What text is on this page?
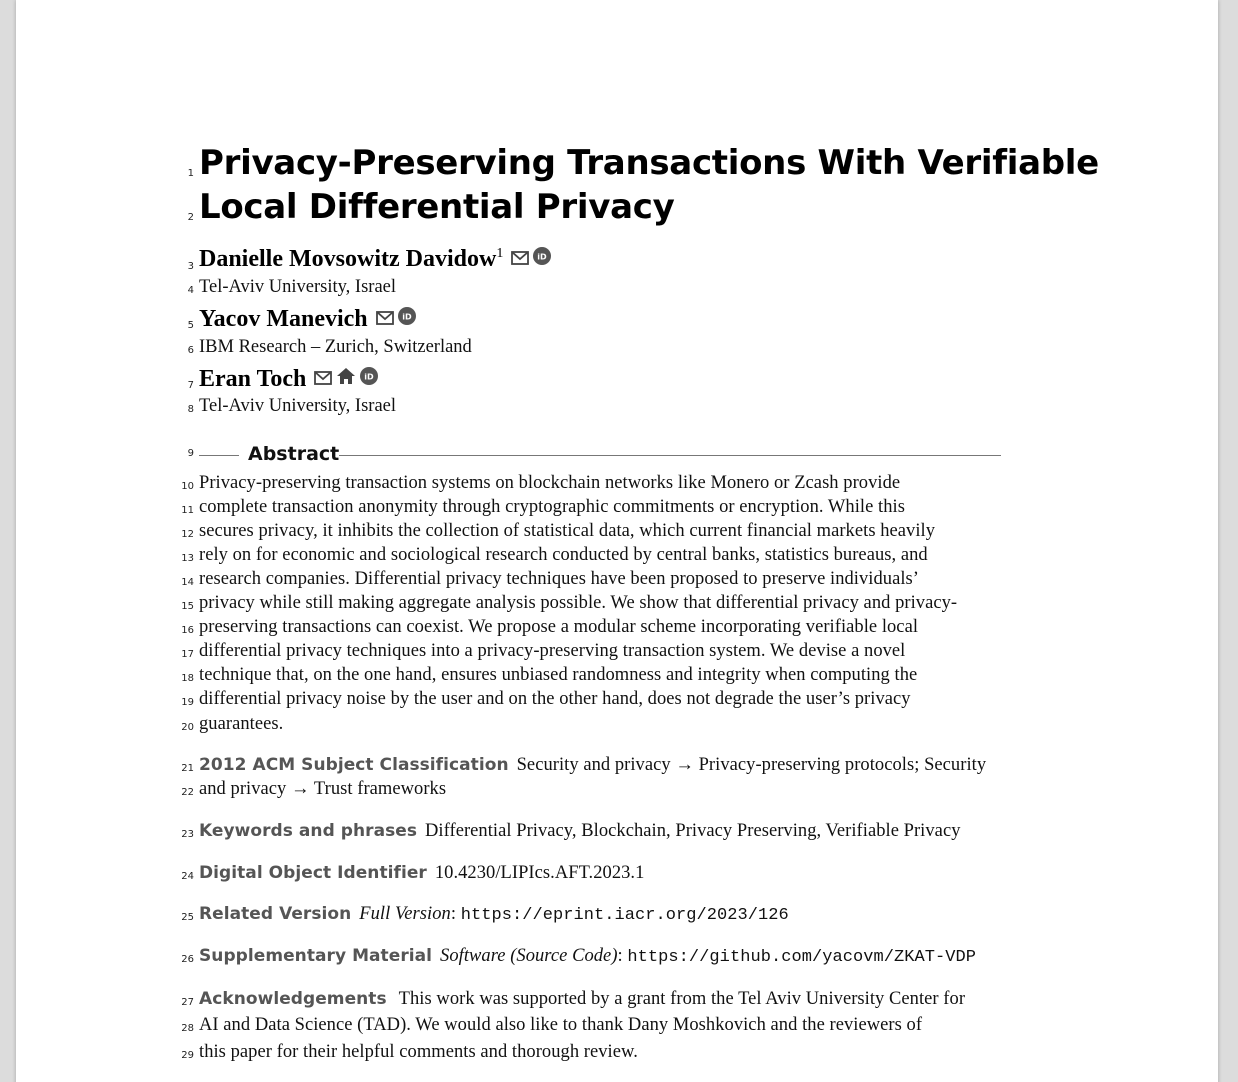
1
2
3
4
5
6
7
8
9
10
11
12
13
14
15
16
17
18
19
20
21
22
23
24
25
26
27
28
29
Privacy-Preserving Transactions With Verifiable
Local Differential Privacy
Danielle Movsowitz Davidow$^1$	iD
Tel-Aviv University, Israel
Yacov Manevich	iD
IBM Research – Zurich, Switzerland
Eran Toch	iD
Tel-Aviv University, Israel
Abstract
Privacy-preserving transaction systems on blockchain networks like Monero or Zcash provide
complete transaction anonymity through cryptographic commitments or encryption. While this
secures privacy, it inhibits the collection of statistical data, which current financial markets heavily
rely on for economic and sociological research conducted by central banks, statistics bureaus, and
research companies. Differential privacy techniques have been proposed to preserve individuals’
privacy while still making aggregate analysis possible. We show that differential privacy and privacy-
preserving transactions can coexist. We propose a modular scheme incorporating verifiable local
differential privacy techniques into a privacy-preserving transaction system. We devise a novel
technique that, on the one hand, ensures unbiased randomness and integrity when computing the
differential privacy noise by the user and on the other hand, does not degrade the user’s privacy
guarantees.
2012 ACM Subject Classification Security and privacy → Privacy-preserving protocols; Security
and privacy → Trust frameworks
Keywords and phrases Differential Privacy, Blockchain, Privacy Preserving, Verifiable Privacy
Digital Object Identifier 10.4230/LIPIcs.AFT.2023.1
Related Version Full Version: https://eprint.iacr.org/2023/126
Supplementary Material Software (Source Code): https://github.com/yacovm/ZKAT-VDP
Acknowledgements This work was supported by a grant from the Tel Aviv University Center for
AI and Data Science (TAD). We would also like to thank Dany Moshkovich and the reviewers of
this paper for their helpful comments and thorough review.
